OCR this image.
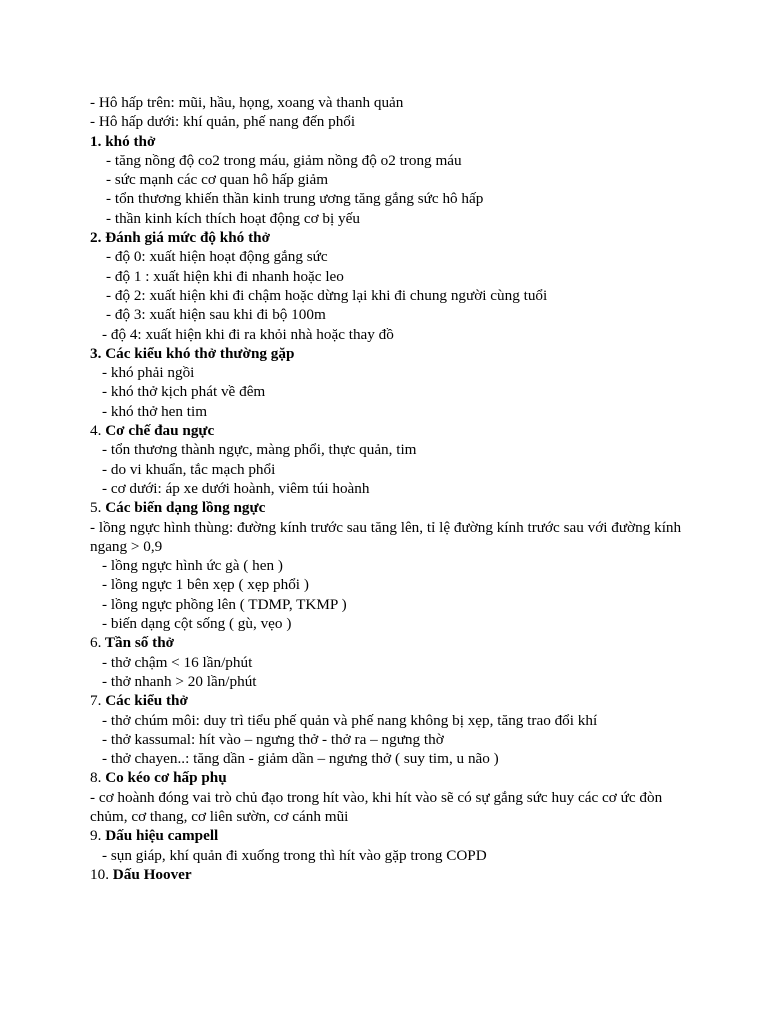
- Hô hấp trên: mũi, hầu, họng, xoang và thanh quản

- Hô hấp dưới: khí quản, phế nang đến phổi

1. khó thở

- tăng nồng độ co2 trong máu, giảm nồng độ o2 trong máu

- sức mạnh các cơ quan hô hấp giảm

- tổn thương khiến thần kinh trung ương tăng gắng sức hô hấp

- thần kinh kích thích hoạt động cơ bị yếu

2. Đánh giá mức độ khó thở

- độ 0: xuất hiện hoạt động gắng sức

- độ 1 : xuất hiện khi đi nhanh hoặc leo

- độ 2: xuất hiện khi đi chậm hoặc dừng lại khi đi chung người cùng tuổi

- độ 3: xuất hiện sau khi đi bộ 100m

- độ 4: xuất hiện khi đi ra khỏi nhà hoặc thay đồ

3. Các kiểu khó thở thường gặp

- khó phải ngồi

- khó thở kịch phát về đêm

- khó thở hen tim

4. Cơ chế đau ngực

- tổn thương thành ngực, màng phổi, thực quản, tim

- do vi khuẩn, tắc mạch phổi

- cơ dưới: áp xe dưới hoành, viêm túi hoành

5. Các biến dạng lồng ngực

- lồng ngực hình thùng: đường kính trước sau tăng lên, tỉ lệ đường kính trước sau với đường kính ngang > 0,9

- lồng ngực hình ức gà ( hen )

- lồng ngực 1 bên xẹp ( xẹp phổi )

- lồng ngực phồng lên ( TDMP, TKMP )

- biến dạng cột sống ( gù, vẹo )

6. Tần số thở

- thở chậm < 16 lần/phút

- thở nhanh > 20 lần/phút

7. Các kiểu thở

- thở chúm môi: duy trì tiểu phế quản và phế nang không bị xẹp, tăng trao đổi khí

- thở kassumal: hít vào – ngưng thở - thở ra – ngưng thờ

- thở chayen..: tăng dần - giảm dần – ngưng thở ( suy tim, u não )

8. Co kéo cơ hấp phụ

- cơ hoành đóng vai trò chủ đạo trong hít vào, khi hít vào sẽ có sự gắng sức huy các cơ ức đòn chủm, cơ thang, cơ liên sườn, cơ cánh mũi

9. Dấu hiệu campell

- sụn giáp, khí quản đi xuống trong thì hít vào gặp trong COPD

10. Dấu Hoover
